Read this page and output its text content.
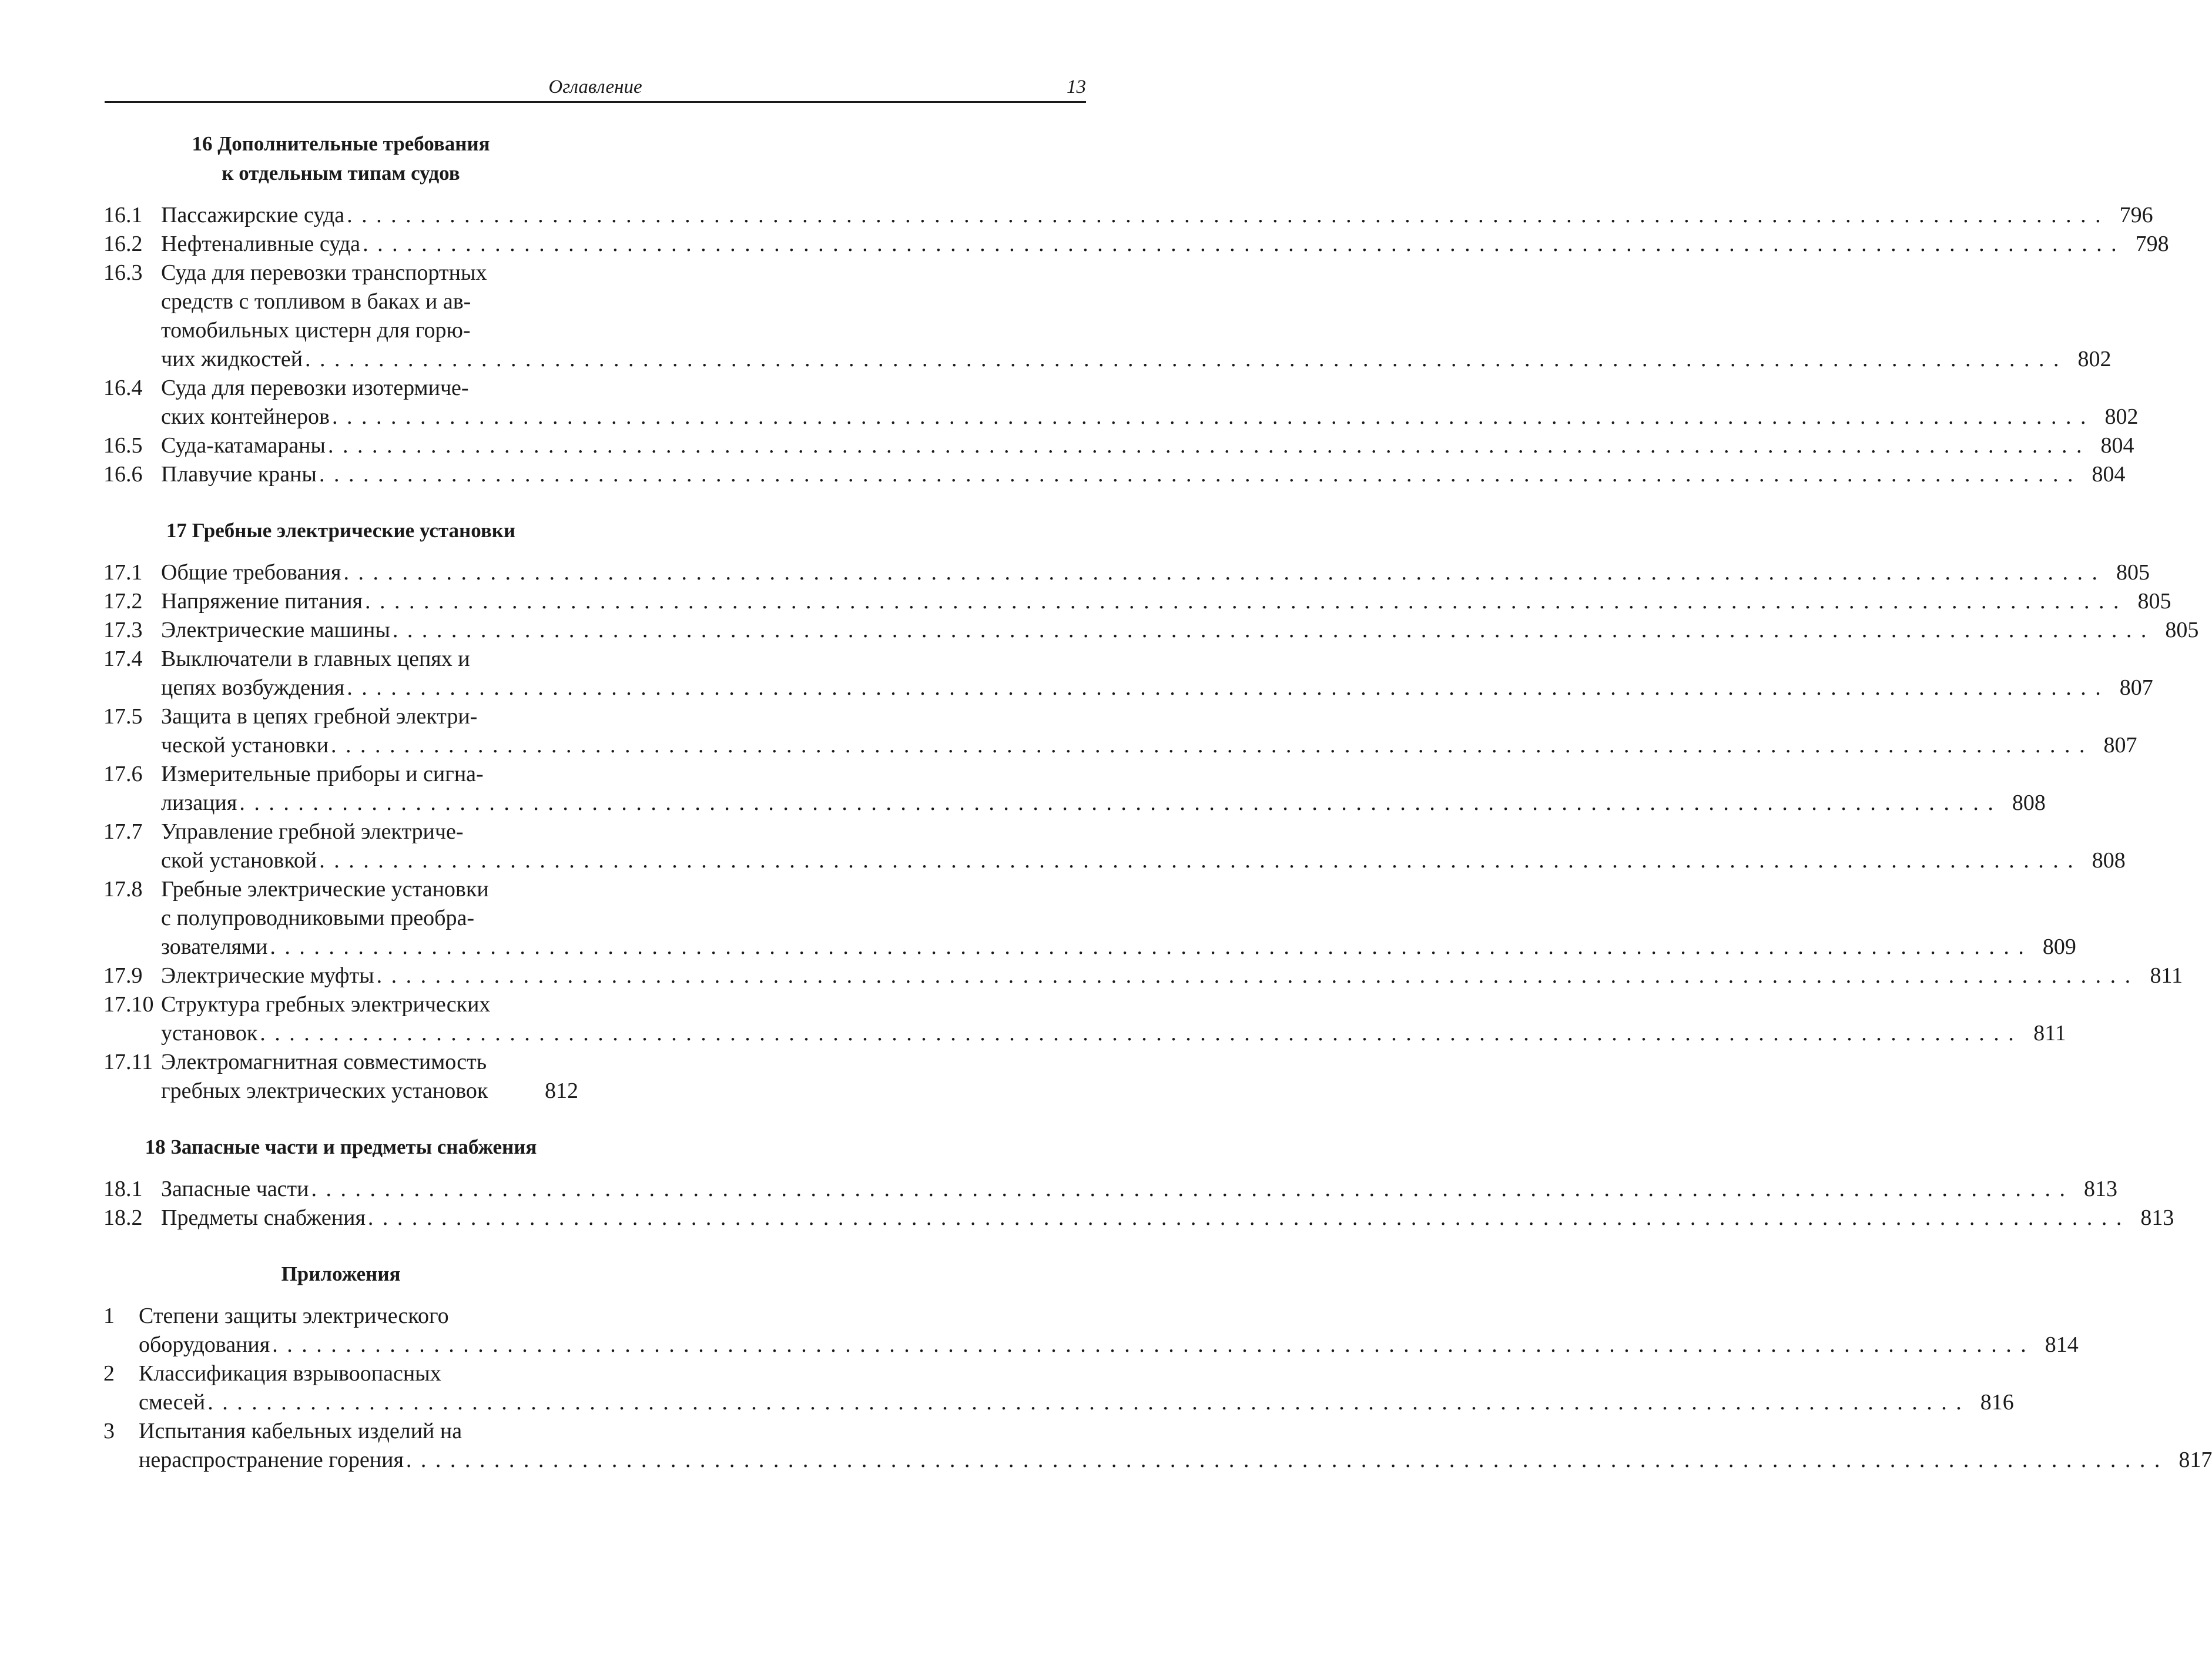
Оглавление	13
16 Дополнительные требования
к отдельным типам судов
16.1 Пассажирские суда . . . . . . . . . . . . . . . . . . . . . . . . . . . . . . . . . . . . . . . . . . . . . . . . . . . . . . . . . . . . . . . . . . . . . . . . . . . . . . . . . . . . . . . . . . . . . . . . . . . . . . . . . . . . . . . . . . . . . . . . 796
16.2 Нефтеналивные суда . . . . . . . . . . . . . . . . . . . . . . . . . . . . . . . . . . . . . . . . . . . . . . . . . . . . . . . . . . . . . . . . . . . . . . . . . . . . . . . . . . . . . . . . . . . . . . . . . . . . . . . . . . . . . . . . . . . . . . . . 798
16.3 Суда для перевозки транспортных
средств с топливом в баках и ав-
томобильных цистерн для горю-
чих жидкостей . . . . . . . . . . . . . . . . . . . . . . . . . . . . . . . . . . . . . . . . . . . . . . . . . . . . . . . . . . . . . . . . . . . . . . . . . . . . . . . . . . . . . . . . . . . . . . . . . . . . . . . . . . . . . . . . . . . . . . . . 802
16.4 Суда для перевозки изотермиче-
ских контейнеров . . . . . . . . . . . . . . . . . . . . . . . . . . . . . . . . . . . . . . . . . . . . . . . . . . . . . . . . . . . . . . . . . . . . . . . . . . . . . . . . . . . . . . . . . . . . . . . . . . . . . . . . . . . . . . . . . . . . . . . . 802
16.5 Суда-катамараны . . . . . . . . . . . . . . . . . . . . . . . . . . . . . . . . . . . . . . . . . . . . . . . . . . . . . . . . . . . . . . . . . . . . . . . . . . . . . . . . . . . . . . . . . . . . . . . . . . . . . . . . . . . . . . . . . . . . . . . . 804
16.6 Плавучие краны . . . . . . . . . . . . . . . . . . . . . . . . . . . . . . . . . . . . . . . . . . . . . . . . . . . . . . . . . . . . . . . . . . . . . . . . . . . . . . . . . . . . . . . . . . . . . . . . . . . . . . . . . . . . . . . . . . . . . . . . 804
17 Гребные электрические установки
17.1 Общие требования . . . . . . . . . . . . . . . . . . . . . . . . . . . . . . . . . . . . . . . . . . . . . . . . . . . . . . . . . . . . . . . . . . . . . . . . . . . . . . . . . . . . . . . . . . . . . . . . . . . . . . . . . . . . . . . . . . . . . . . . 805
17.2 Напряжение питания . . . . . . . . . . . . . . . . . . . . . . . . . . . . . . . . . . . . . . . . . . . . . . . . . . . . . . . . . . . . . . . . . . . . . . . . . . . . . . . . . . . . . . . . . . . . . . . . . . . . . . . . . . . . . . . . . . . . . . . . 805
17.3 Электрические машины . . . . . . . . . . . . . . . . . . . . . . . . . . . . . . . . . . . . . . . . . . . . . . . . . . . . . . . . . . . . . . . . . . . . . . . . . . . . . . . . . . . . . . . . . . . . . . . . . . . . . . . . . . . . . . . . . . . . . . . . 805
17.4 Выключатели в главных цепях и
цепях возбуждения . . . . . . . . . . . . . . . . . . . . . . . . . . . . . . . . . . . . . . . . . . . . . . . . . . . . . . . . . . . . . . . . . . . . . . . . . . . . . . . . . . . . . . . . . . . . . . . . . . . . . . . . . . . . . . . . . . . . . . . . 807
17.5 Защита в цепях гребной электри-
ческой установки . . . . . . . . . . . . . . . . . . . . . . . . . . . . . . . . . . . . . . . . . . . . . . . . . . . . . . . . . . . . . . . . . . . . . . . . . . . . . . . . . . . . . . . . . . . . . . . . . . . . . . . . . . . . . . . . . . . . . . . . 807
17.6 Измерительные приборы и сигна-
лизация . . . . . . . . . . . . . . . . . . . . . . . . . . . . . . . . . . . . . . . . . . . . . . . . . . . . . . . . . . . . . . . . . . . . . . . . . . . . . . . . . . . . . . . . . . . . . . . . . . . . . . . . . . . . . . . . . . . . . . . . 808
17.7 Управление гребной электриче-
ской установкой . . . . . . . . . . . . . . . . . . . . . . . . . . . . . . . . . . . . . . . . . . . . . . . . . . . . . . . . . . . . . . . . . . . . . . . . . . . . . . . . . . . . . . . . . . . . . . . . . . . . . . . . . . . . . . . . . . . . . . . . 808
17.8 Гребные электрические установки
с полупроводниковыми преобра-
зователями . . . . . . . . . . . . . . . . . . . . . . . . . . . . . . . . . . . . . . . . . . . . . . . . . . . . . . . . . . . . . . . . . . . . . . . . . . . . . . . . . . . . . . . . . . . . . . . . . . . . . . . . . . . . . . . . . . . . . . . . 809
17.9 Электрические муфты . . . . . . . . . . . . . . . . . . . . . . . . . . . . . . . . . . . . . . . . . . . . . . . . . . . . . . . . . . . . . . . . . . . . . . . . . . . . . . . . . . . . . . . . . . . . . . . . . . . . . . . . . . . . . . . . . . . . . . . . 811
17.10 Структура гребных электрических
установок . . . . . . . . . . . . . . . . . . . . . . . . . . . . . . . . . . . . . . . . . . . . . . . . . . . . . . . . . . . . . . . . . . . . . . . . . . . . . . . . . . . . . . . . . . . . . . . . . . . . . . . . . . . . . . . . . . . . . . . . 811
17.11 Электромагнитная совместимость
гребных электрических установок	812
18 Запасные части и предметы снабжения
18.1 Запасные части . . . . . . . . . . . . . . . . . . . . . . . . . . . . . . . . . . . . . . . . . . . . . . . . . . . . . . . . . . . . . . . . . . . . . . . . . . . . . . . . . . . . . . . . . . . . . . . . . . . . . . . . . . . . . . . . . . . . . . . . 813
18.2 Предметы снабжения . . . . . . . . . . . . . . . . . . . . . . . . . . . . . . . . . . . . . . . . . . . . . . . . . . . . . . . . . . . . . . . . . . . . . . . . . . . . . . . . . . . . . . . . . . . . . . . . . . . . . . . . . . . . . . . . . . . . . . . . 813
Приложения
1	Степени защиты электрического
оборудования . . . . . . . . . . . . . . . . . . . . . . . . . . . . . . . . . . . . . . . . . . . . . . . . . . . . . . . . . . . . . . . . . . . . . . . . . . . . . . . . . . . . . . . . . . . . . . . . . . . . . . . . . . . . . . . . . . . . . . . . 814
2	Классификация взрывоопасных
смесей . . . . . . . . . . . . . . . . . . . . . . . . . . . . . . . . . . . . . . . . . . . . . . . . . . . . . . . . . . . . . . . . . . . . . . . . . . . . . . . . . . . . . . . . . . . . . . . . . . . . . . . . . . . . . . . . . . . . . . . . 816
3	Испытания кабельных изделий на
нераспространение горения . . . . . . . . . . . . . . . . . . . . . . . . . . . . . . . . . . . . . . . . . . . . . . . . . . . . . . . . . . . . . . . . . . . . . . . . . . . . . . . . . . . . . . . . . . . . . . . . . . . . . . . . . . . . . . . . . . . . . . . . 817
